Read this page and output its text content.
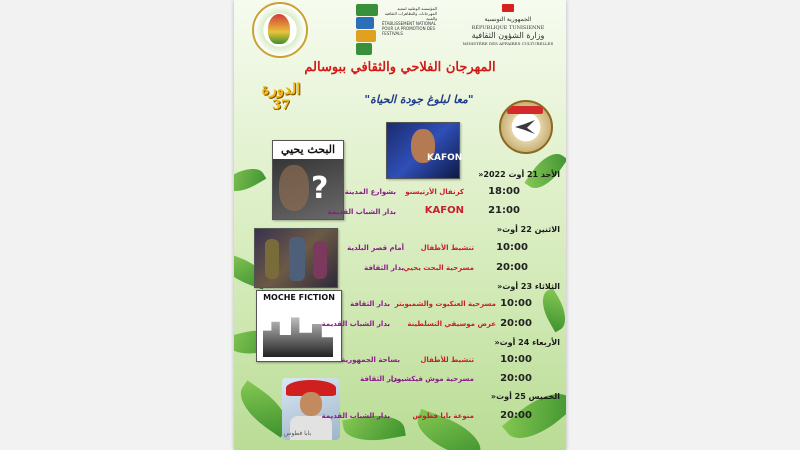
المؤسسة الوطنية لتنمية المهرجانات والتظاهرات الثقافية والفنية
ÉTABLISSEMENT NATIONAL POUR LA PROMOTION DES FESTIVALS
الجمهورية التونسية
RÉPUBLIQUE TUNISIENNE
وزارة الشؤون الثقافية
MINISTÈRE DES AFFAIRES CULTURELLES
المهرجان الفلاحي والثقافي ببوسالم
الدورة
37	"معا لبلوغ جودة الحياة"
KAFON
البحث يحيي
?
MOCHE FICTION
بابا فطوس
»الأحد 21 أوت 2022
18:00
كرنفال الأرتيسنو
بشوارع المدينة
21:00
KAFON
بدار الشباب القديمة
»الاثنين 22 أوت
10:00
تنشيط الأطفال
أمام قصر البلدية
20:00
مسرحية البحث يحيي
بدار الثقافة
»الثلاثاء 23 أوت
10:00
مسرحية العنكبوت والشمبوبتر
بدار الثقافة
20:00
عرض موسيقي التسلطينة
بدار الشباب القديمة
»الأربعاء 24 أوت
10:00
تنشيط للأطفال
بساحة الجمهورية
20:00
مسرحية موش فيكشيون
بدار الثقافة
»الخميس 25 أوت
20:00
منوعة بابا فطوس
بدار الشباب القديمة
